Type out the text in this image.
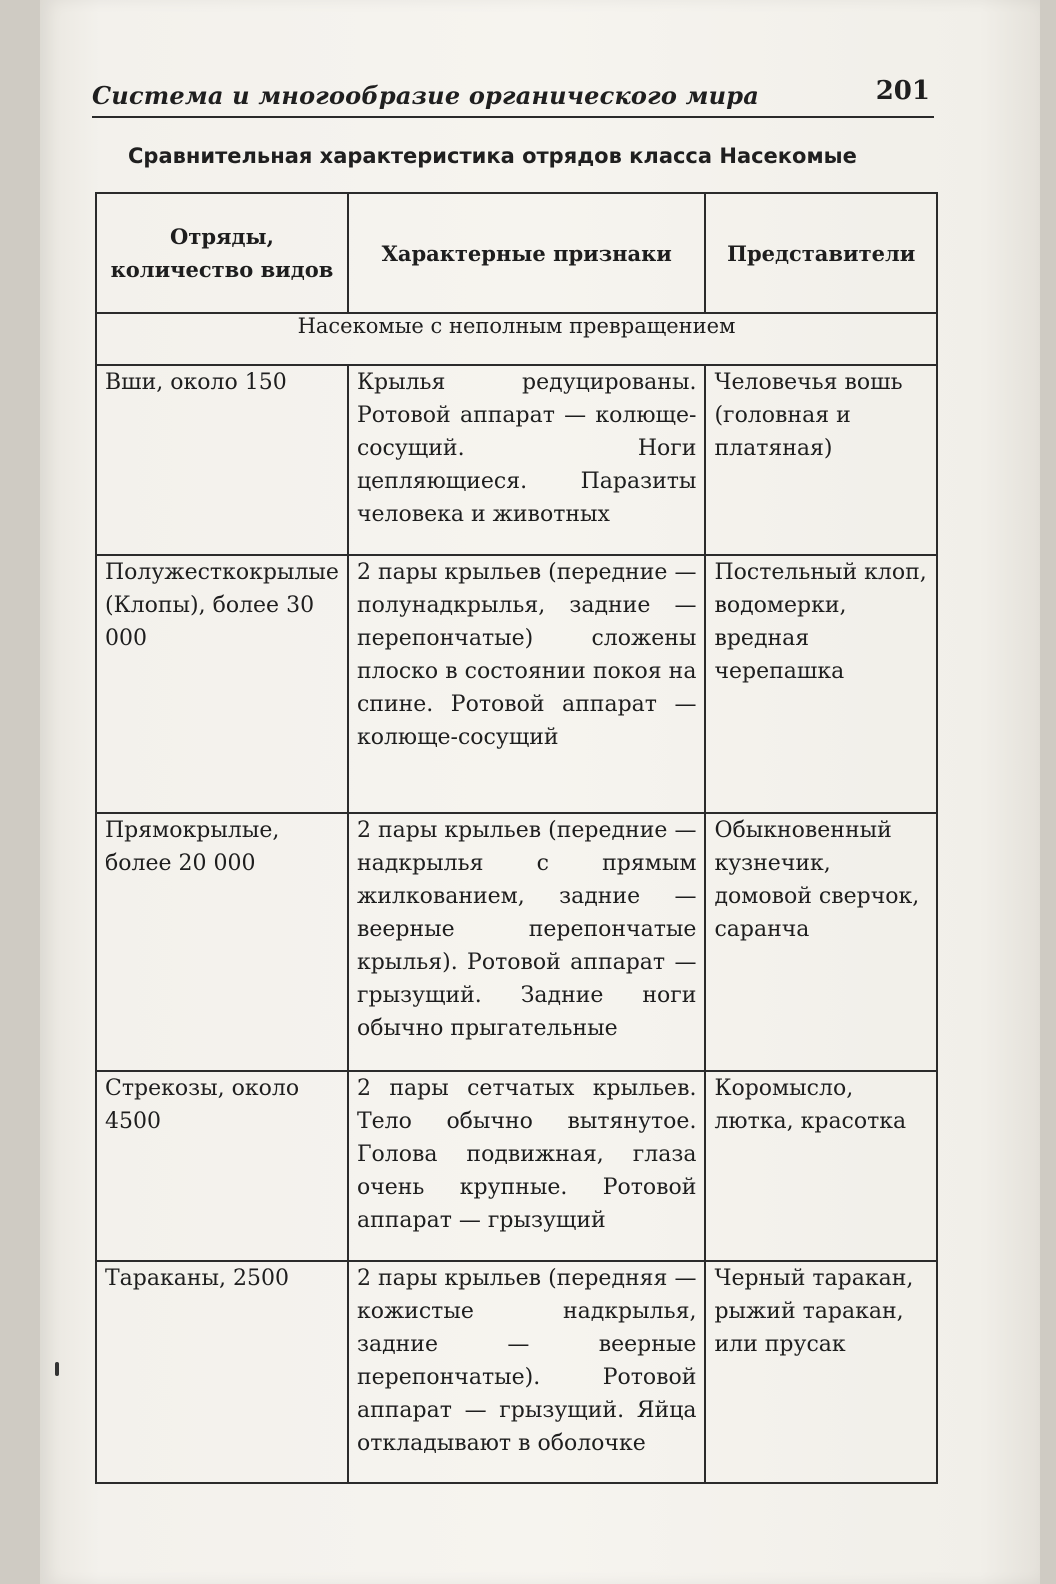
Система и многообразие органического мира	201
Сравнительная характеристика отрядов класса Насекомые
Отряды, количество видов	Характерные признаки	Представители
Насекомые с неполным превращением		
Вши, около 150	Крылья редуцированы. Ротовой аппарат — колюще-сосущий. Ноги цепляющиеся. Паразиты человека и животных	Человечья вошь (головная и платяная)
Полужесткокрылые (Клопы), более 30 000	2 пары крыльев (передние — полунадкрылья, задние — перепончатые) сложены плоско в состоянии покоя на спине. Ротовой аппарат — колюще-сосущий	Постельный клоп, водомерки, вредная черепашка
Прямокрылые, более 20 000	2 пары крыльев (передние — надкрылья с прямым жилкованием, задние — веерные перепончатые крылья). Ротовой аппарат — грызущий. Задние ноги обычно прыгательные	Обыкновенный кузнечик, домовой сверчок, саранча
Стрекозы, около 4500	2 пары сетчатых крыльев. Тело обычно вытянутое. Голова подвижная, глаза очень крупные. Ротовой аппарат — грызущий	Коромысло, лютка, красотка
Тараканы, 2500	2 пары крыльев (передняя — кожистые надкрылья, задние — веерные перепончатые). Ротовой аппарат — грызущий. Яйца откладывают в оболочке	Черный таракан, рыжий таракан, или прусак
